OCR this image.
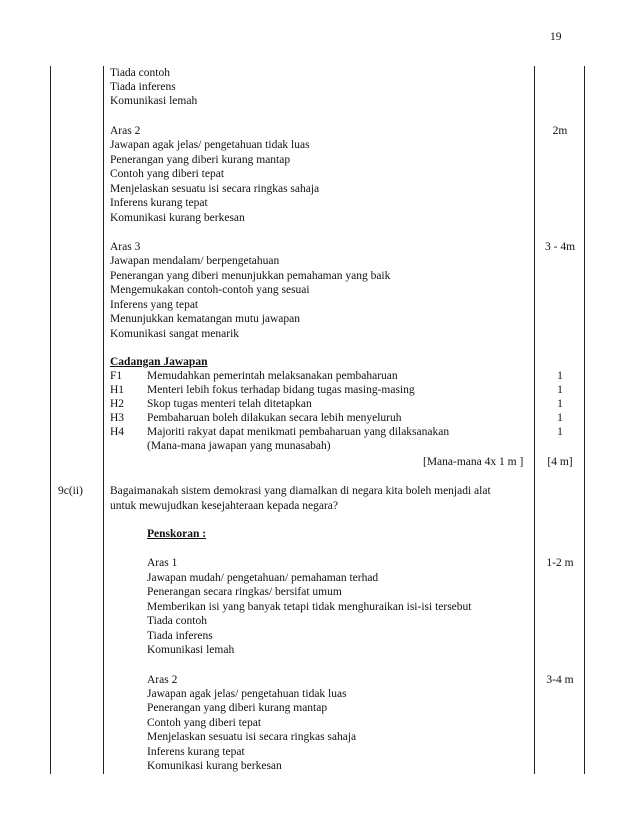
19
Tiada contoh
Tiada inferens
Komunikasi lemah
Aras 2	2m
Jawapan agak jelas/ pengetahuan tidak luas
Penerangan yang diberi kurang mantap
Contoh yang diberi tepat
Menjelaskan sesuatu isi secara ringkas sahaja
Inferens kurang tepat
Komunikasi kurang berkesan
Aras 3	3 - 4m
Jawapan mendalam/ berpengetahuan
Penerangan yang diberi menunjukkan pemahaman yang baik
Mengemukakan contoh-contoh yang sesuai
Inferens yang tepat
Menunjukkan kematangan mutu jawapan
Komunikasi sangat menarik
Cadangan Jawapan
F1 Memudahkan pemerintah melaksanakan pembaharuan	1
H1 Menteri lebih fokus terhadap bidang tugas masing-masing	1
H2 Skop tugas menteri telah ditetapkan	1
H3 Pembaharuan boleh dilakukan secara lebih menyeluruh	1
H4 Majoriti rakyat dapat menikmati pembaharuan yang dilaksanakan	1
(Mana-mana jawapan yang munasabah)
[Mana-mana 4x 1 m ]	[4 m]
9c(ii) Bagaimanakah sistem demokrasi yang diamalkan di negara kita boleh menjadi alat
untuk mewujudkan kesejahteraan kepada negara?
Penskoran :
Aras 1	1-2 m
Jawapan mudah/ pengetahuan/ pemahaman terhad
Penerangan secara ringkas/ bersifat umum
Memberikan isi yang banyak tetapi tidak menghuraikan isi-isi tersebut
Tiada contoh
Tiada inferens
Komunikasi lemah
Aras 2	3-4 m
Jawapan agak jelas/ pengetahuan tidak luas
Penerangan yang diberi kurang mantap
Contoh yang diberi tepat
Menjelaskan sesuatu isi secara ringkas sahaja
Inferens kurang tepat
Komunikasi kurang berkesan
